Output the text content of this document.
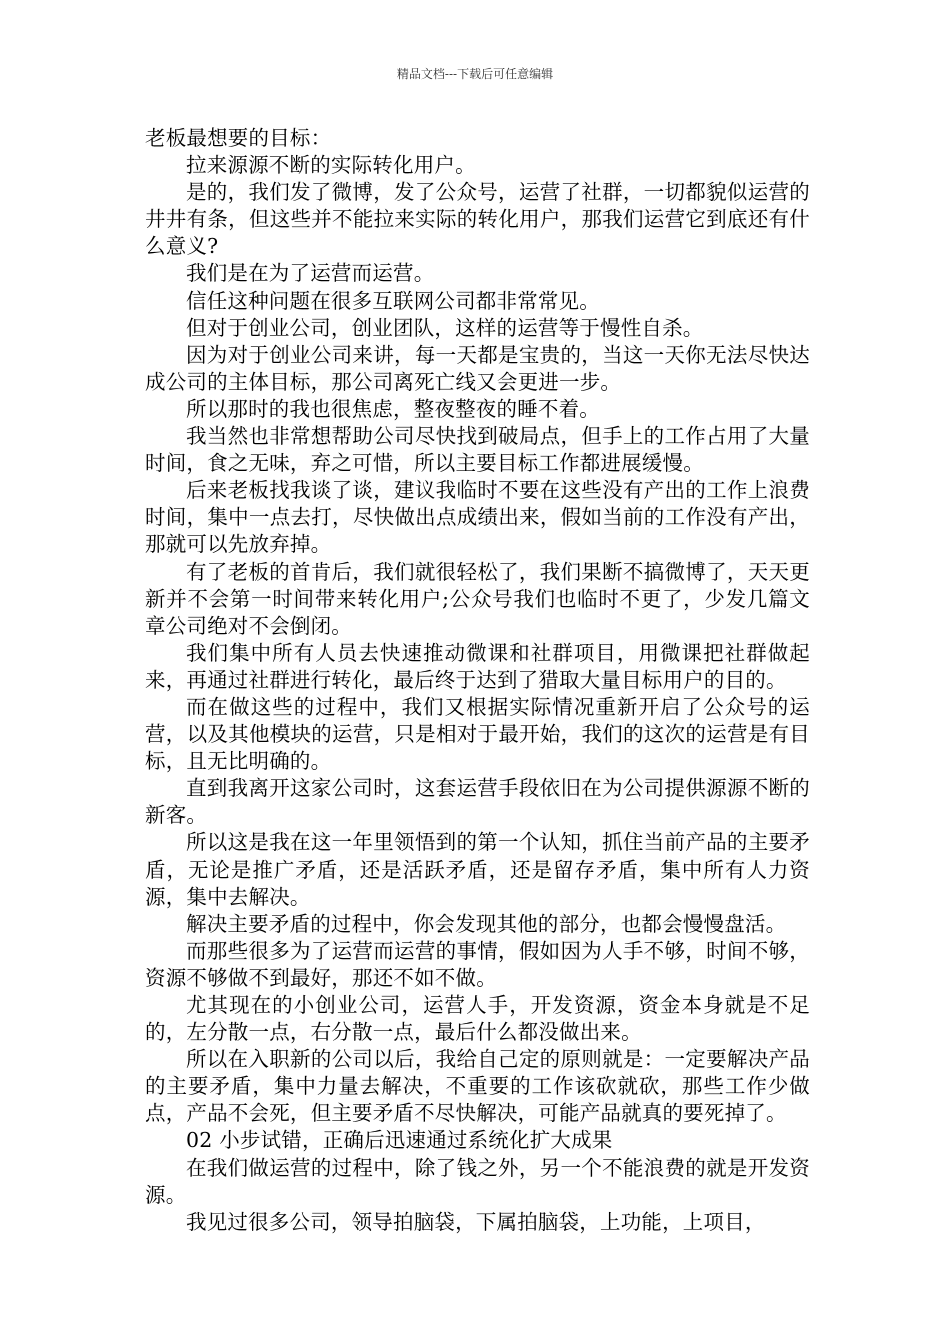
精品文档---下载后可任意编辑

老板最想要的目标：

拉来源源不断的实际转化用户。

是的，我们发了微博，发了公众号，运营了社群，一切都貌似运营的井井有条，但这些并不能拉来实际的转化用户，那我们运营它到底还有什么意义?

我们是在为了运营而运营。

信任这种问题在很多互联网公司都非常常见。

但对于创业公司，创业团队，这样的运营等于慢性自杀。

因为对于创业公司来讲，每一天都是宝贵的，当这一天你无法尽快达成公司的主体目标，那公司离死亡线又会更进一步。

所以那时的我也很焦虑，整夜整夜的睡不着。

我当然也非常想帮助公司尽快找到破局点，但手上的工作占用了大量时间，食之无味，弃之可惜，所以主要目标工作都进展缓慢。

后来老板找我谈了谈，建议我临时不要在这些没有产出的工作上浪费时间，集中一点去打，尽快做出点成绩出来，假如当前的工作没有产出，那就可以先放弃掉。

有了老板的首肯后，我们就很轻松了，我们果断不搞微博了，天天更新并不会第一时间带来转化用户;公众号我们也临时不更了，少发几篇文章公司绝对不会倒闭。

我们集中所有人员去快速推动微课和社群项目，用微课把社群做起来，再通过社群进行转化，最后终于达到了猎取大量目标用户的目的。

而在做这些的过程中，我们又根据实际情况重新开启了公众号的运营，以及其他模块的运营，只是相对于最开始，我们的这次的运营是有目标，且无比明确的。

直到我离开这家公司时，这套运营手段依旧在为公司提供源源不断的新客。

所以这是我在这一年里领悟到的第一个认知，抓住当前产品的主要矛盾，无论是推广矛盾，还是活跃矛盾，还是留存矛盾，集中所有人力资源，集中去解决。

解决主要矛盾的过程中，你会发现其他的部分，也都会慢慢盘活。

而那些很多为了运营而运营的事情，假如因为人手不够，时间不够，资源不够做不到最好，那还不如不做。

尤其现在的小创业公司，运营人手，开发资源，资金本身就是不足的，左分散一点，右分散一点，最后什么都没做出来。

所以在入职新的公司以后，我给自己定的原则就是：一定要解决产品的主要矛盾，集中力量去解决，不重要的工作该砍就砍，那些工作少做点，产品不会死，但主要矛盾不尽快解决，可能产品就真的要死掉了。

02 小步试错，正确后迅速通过系统化扩大成果

在我们做运营的过程中，除了钱之外，另一个不能浪费的就是开发资源。

我见过很多公司，领导拍脑袋，下属拍脑袋，上功能，上项目，
